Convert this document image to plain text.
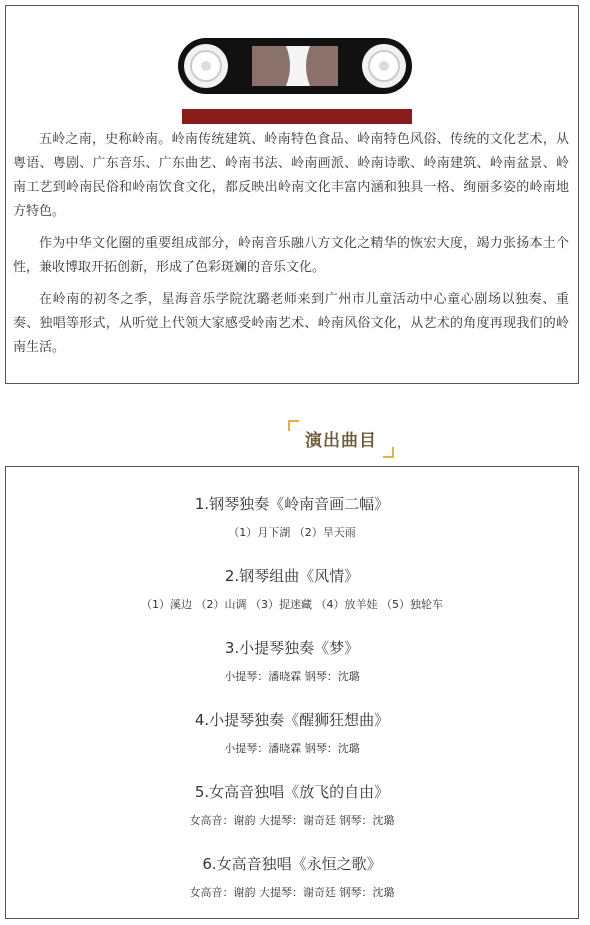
五岭之南，史称岭南。岭南传统建筑、岭南特色食品、岭南特色风俗、传统的文化艺术，从粤语、粤剧、广东音乐、广东曲艺、岭南书法、岭南画派、岭南诗歌、岭南建筑、岭南盆景、岭南工艺到岭南民俗和岭南饮食文化，都反映出岭南文化丰富内涵和独具一格、绚丽多姿的岭南地方特色。

作为中华文化圈的重要组成部分，岭南音乐融八方文化之精华的恢宏大度，竭力张扬本土个性，兼收博取开拓创新，形成了色彩斑斓的音乐文化。

在岭南的初冬之季，星海音乐学院沈璐老师来到广州市儿童活动中心童心剧场以独奏、重奏、独唱等形式，从听觉上代领大家感受岭南艺术、岭南风俗文化，从艺术的角度再现我们的岭南生活。

演出曲目
1.钢琴独奏《岭南音画二幅》
（1）月下湖 （2）旱天雨
2.钢琴组曲《风情》
（1）溪边 （2）山调 （3）捉迷藏 （4）放羊娃 （5）独轮车
3.小提琴独奏《梦》
小提琴：潘晓霖 钢琴：沈璐
4.小提琴独奏《醒狮狂想曲》
小提琴：潘晓霖 钢琴：沈璐
5.女高音独唱《放飞的自由》
女高音：谢韵 大提琴：谢奇廷 钢琴：沈璐
6.女高音独唱《永恒之歌》
女高音：谢韵 大提琴：谢奇廷 钢琴：沈璐
